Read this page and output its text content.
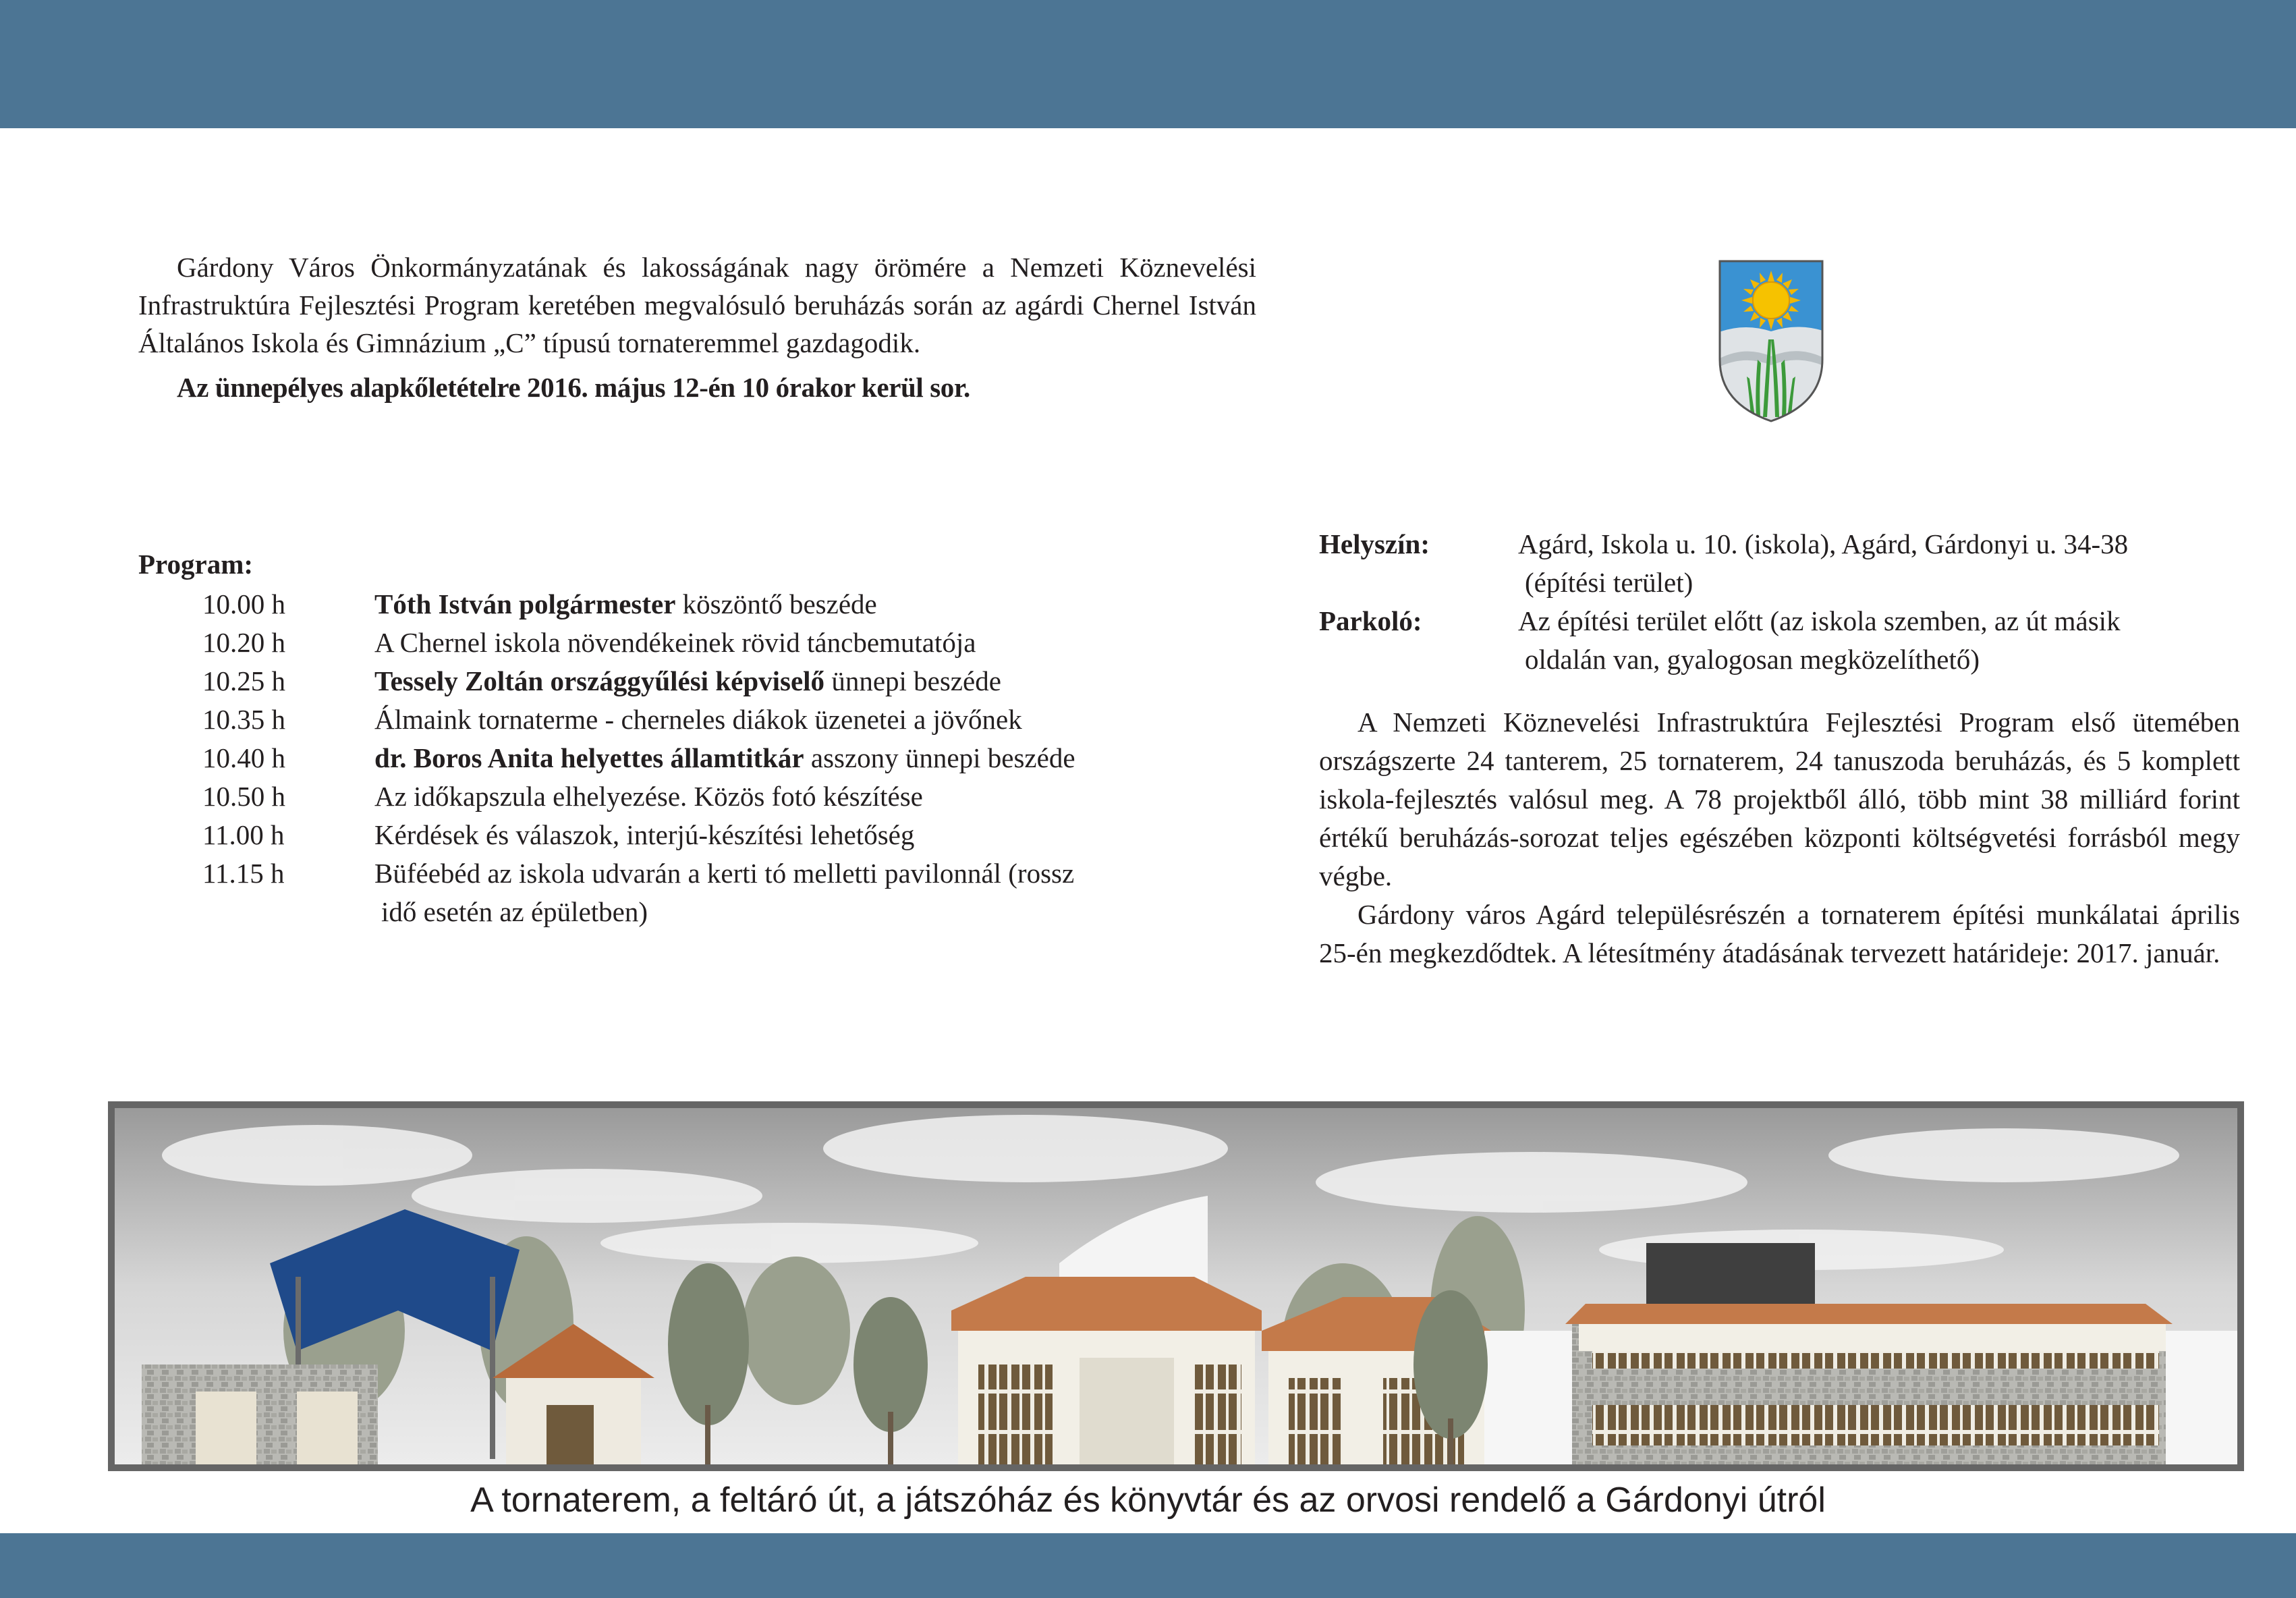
Gárdony Város Önkormányzatának és lakosságának nagy örömére a Nemzeti Köznevelési Infrastruktúra Fejlesztési Program keretében megvalósuló beruházás során az agárdi Chernel István Általános Iskola és Gimnázium „C” típusú tornateremmel gazdagodik.

Az ünnepélyes alapkőletételre 2016. május 12-én 10 órakor kerül sor.

Program:
10.00 h	Tóth István polgármester köszöntő beszéde
10.20 h	A Chernel iskola növendékeinek rövid táncbemutatója
10.25 h	Tessely Zoltán országgyűlési képviselő ünnepi beszéde
10.35 h	Álmaink tornaterme - cherneles diákok üzenetei a jövőnek
10.40 h	dr. Boros Anita helyettes államtitkár asszony ünnepi beszéde
10.50 h	Az időkapszula elhelyezése. Közös fotó készítése
11.00 h	Kérdések és válaszok, interjú-készítési lehetőség
11.15 h	Büféebéd az iskola udvarán a kerti tó melletti pavilonnál (rossz
idő esetén az épületben)
Helyszín:	Agárd, Iskola u. 10. (iskola), Agárd, Gárdonyi u. 34-38
(építési terület)
Parkoló:	Az építési terület előtt (az iskola szemben, az út másik
oldalán van, gyalogosan megközelíthető)

A Nemzeti Köznevelési Infrastruktúra Fejlesztési Program első ütemében országszerte 24 tanterem, 25 tornaterem, 24 tanuszoda beruházás, és 5 komplett iskola-fejlesztés valósul meg. A 78 projektből álló, több mint 38 milliárd forint értékű beruházás-sorozat teljes egészében központi költségvetési forrásból megy végbe.

Gárdony város Agárd településrészén a tornaterem építési munkálatai április 25-én megkezdődtek. A létesítmény átadásának tervezett határideje: 2017. január.

A tornaterem, a feltáró út, a játszóház és könyvtár és az orvosi rendelő a Gárdonyi útról
